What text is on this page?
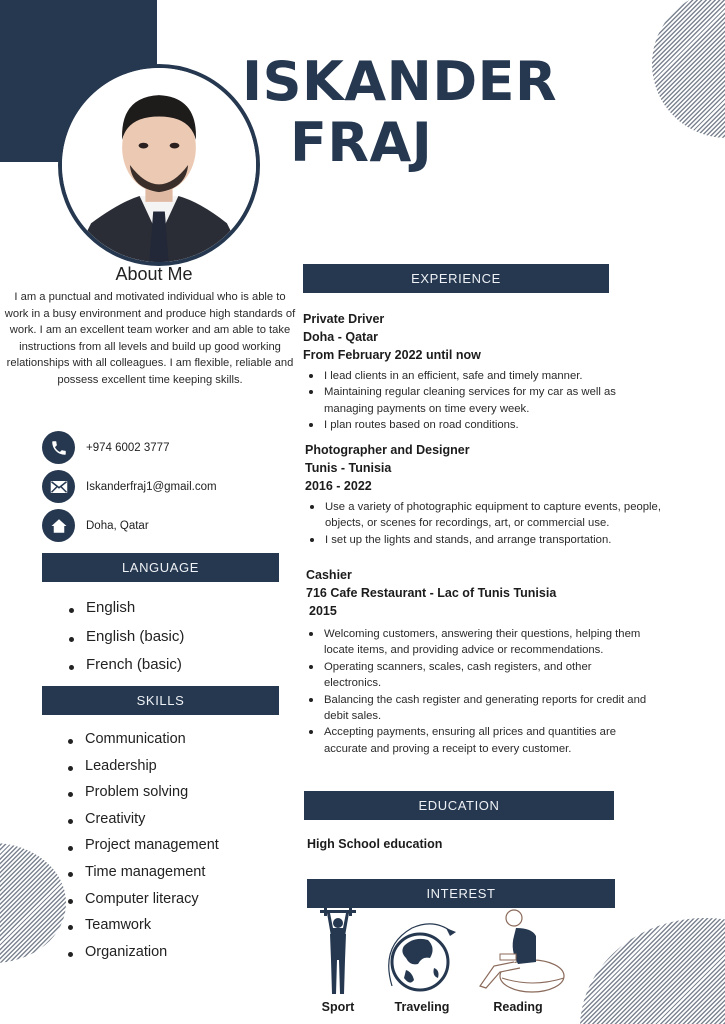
ISKANDER
FRAJ
About Me
I am a punctual and motivated individual who is able to work in a busy environment and produce high standards of work. I am an excellent team worker and am able to take instructions from all levels and build up good working relationships with all colleagues. I am flexible, reliable and possess excellent time keeping skills.
+974 6002 3777
Iskanderfraj1@gmail.com
Doha, Qatar
LANGUAGE
English
English (basic)
French (basic)
SKILLS
Communication
Leadership
Problem solving
Creativity
Project management
Time management
Computer literacy
Teamwork
Organization
EXPERIENCE
Private Driver
Doha - Qatar
From February 2022 until now
I lead clients in an efficient, safe and timely manner.
Maintaining regular cleaning services for my car as well as managing payments on time every week.
I plan routes based on road conditions.
Photographer and Designer
Tunis - Tunisia
2016 - 2022
Use a variety of photographic equipment to capture events, people, objects, or scenes for recordings, art, or commercial use.
I set up the lights and stands, and arrange transportation.
Cashier
716 Cafe Restaurant - Lac of Tunis Tunisia
2015
Welcoming customers, answering their questions, helping them locate items, and providing advice or recommendations.
Operating scanners, scales, cash registers, and other electronics.
Balancing the cash register and generating reports for credit and debit sales.
Accepting payments, ensuring all prices and quantities are accurate and proving a receipt to every customer.
EDUCATION
High School education
INTEREST
Sport	Traveling	Reading
